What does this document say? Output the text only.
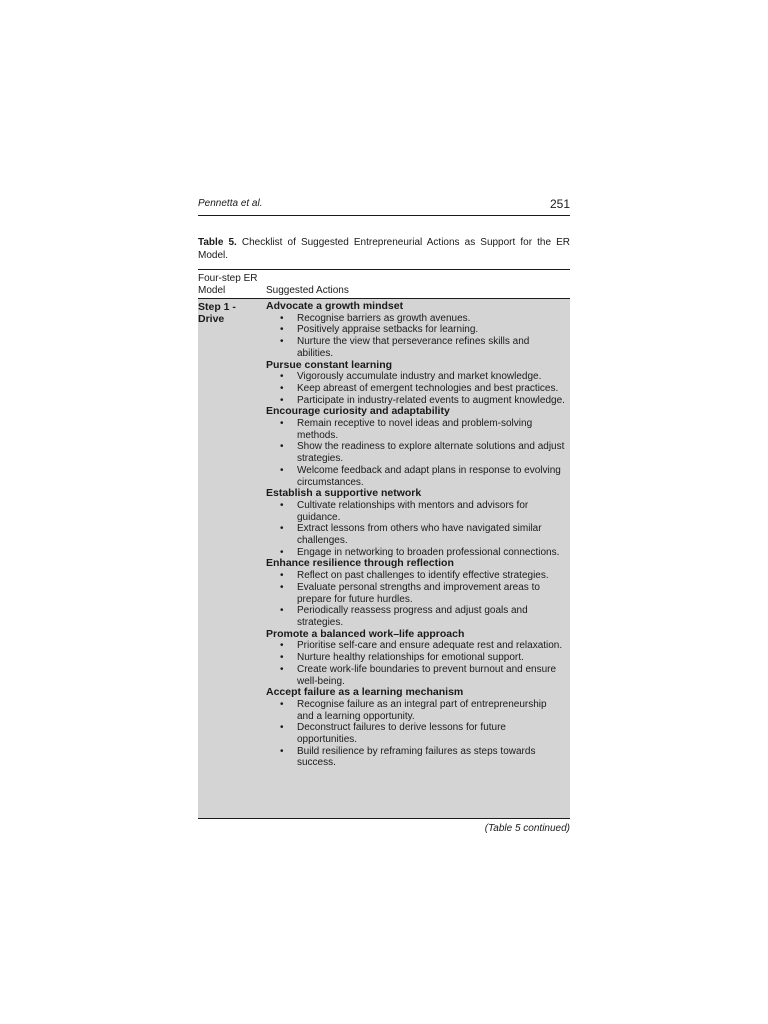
Pennetta et al.	251
Table 5. Checklist of Suggested Entrepreneurial Actions as Support for the ER Model.
Four-step ER Model	Suggested Actions
Step 1 - Drive
Advocate a growth mindset
• Recognise barriers as growth avenues.
• Positively appraise setbacks for learning.
• Nurture the view that perseverance refines skills and abilities.
Pursue constant learning
• Vigorously accumulate industry and market knowledge.
• Keep abreast of emergent technologies and best practices.
• Participate in industry-related events to augment knowledge.
Encourage curiosity and adaptability
• Remain receptive to novel ideas and problem-solving methods.
• Show the readiness to explore alternate solutions and adjust strategies.
• Welcome feedback and adapt plans in response to evolving circumstances.
Establish a supportive network
• Cultivate relationships with mentors and advisors for guidance.
• Extract lessons from others who have navigated similar challenges.
• Engage in networking to broaden professional connections.
Enhance resilience through reflection
• Reflect on past challenges to identify effective strategies.
• Evaluate personal strengths and improvement areas to prepare for future hurdles.
• Periodically reassess progress and adjust goals and strategies.
Promote a balanced work–life approach
• Prioritise self-care and ensure adequate rest and relaxation.
• Nurture healthy relationships for emotional support.
• Create work-life boundaries to prevent burnout and ensure well-being.
Accept failure as a learning mechanism
• Recognise failure as an integral part of entrepreneurship and a learning opportunity.
• Deconstruct failures to derive lessons for future opportunities.
• Build resilience by reframing failures as steps towards success.
(Table 5 continued)
